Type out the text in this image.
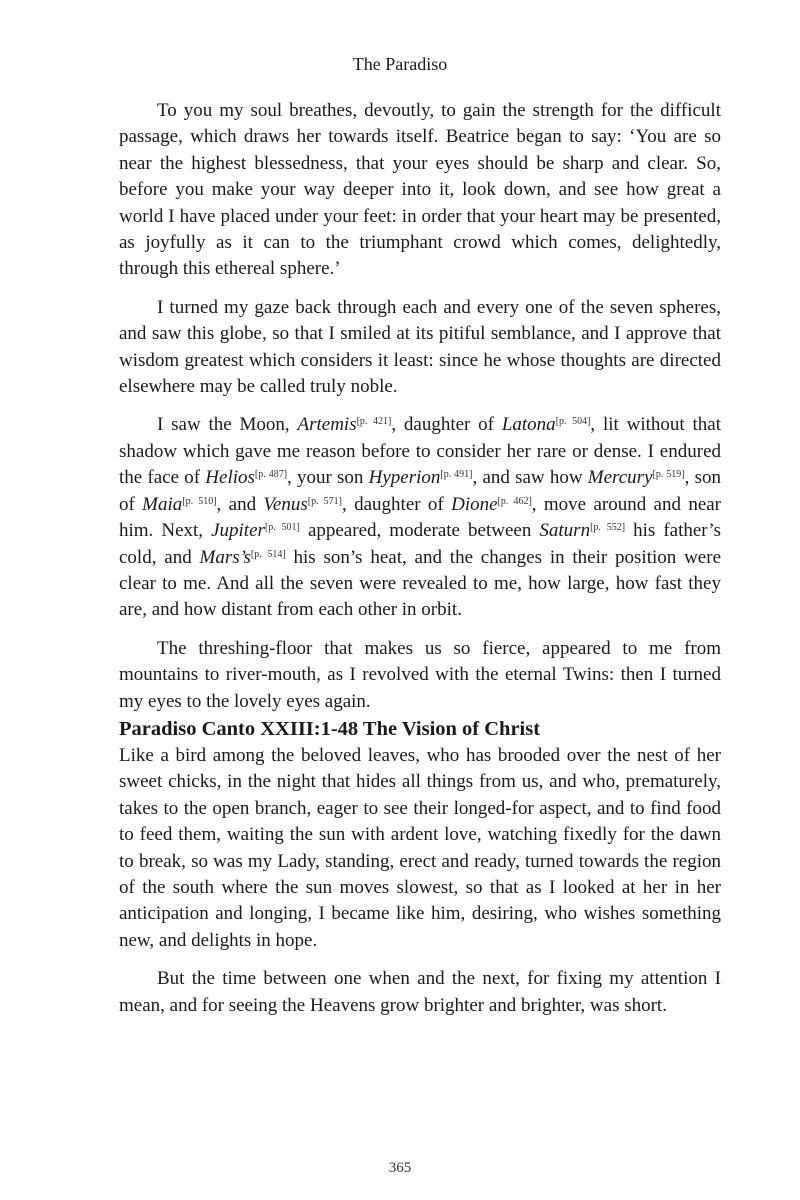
The Paradiso

To you my soul breathes, devoutly, to gain the strength for the difficult passage, which draws her towards itself. Beatrice began to say: ‘You are so near the highest blessedness, that your eyes should be sharp and clear. So, before you make your way deeper into it, look down, and see how great a world I have placed under your feet: in order that your heart may be presented, as joyfully as it can to the triumphant crowd which comes, delightedly, through this ethereal sphere.’

I turned my gaze back through each and every one of the seven spheres, and saw this globe, so that I smiled at its pitiful semblance, and I approve that wisdom greatest which considers it least: since he whose thoughts are directed elsewhere may be called truly noble.

I saw the Moon, Artemis[p. 421], daughter of Latona[p. 504], lit without that shadow which gave me reason before to consider her rare or dense. I endured the face of Helios[p. 487], your son Hyperion[p. 491], and saw how Mercury[p. 519], son of Maia[p. 510], and Venus[p. 571], daughter of Dione[p. 462], move around and near him. Next, Jupiter[p. 501] appeared, moderate between Saturn[p. 552] his father’s cold, and Mars’s[p. 514] his son’s heat, and the changes in their position were clear to me. And all the seven were revealed to me, how large, how fast they are, and how distant from each other in orbit.

The threshing-floor that makes us so fierce, appeared to me from mountains to river-mouth, as I revolved with the eternal Twins: then I turned my eyes to the lovely eyes again.

Paradiso Canto XXIII:1-48 The Vision of Christ

Like a bird among the beloved leaves, who has brooded over the nest of her sweet chicks, in the night that hides all things from us, and who, prematurely, takes to the open branch, eager to see their longed-for aspect, and to find food to feed them, waiting the sun with ardent love, watching fixedly for the dawn to break, so was my Lady, standing, erect and ready, turned towards the region of the south where the sun moves slowest, so that as I looked at her in her anticipation and longing, I became like him, desiring, who wishes something new, and delights in hope.

But the time between one when and the next, for fixing my attention I mean, and for seeing the Heavens grow brighter and brighter, was short.

365
